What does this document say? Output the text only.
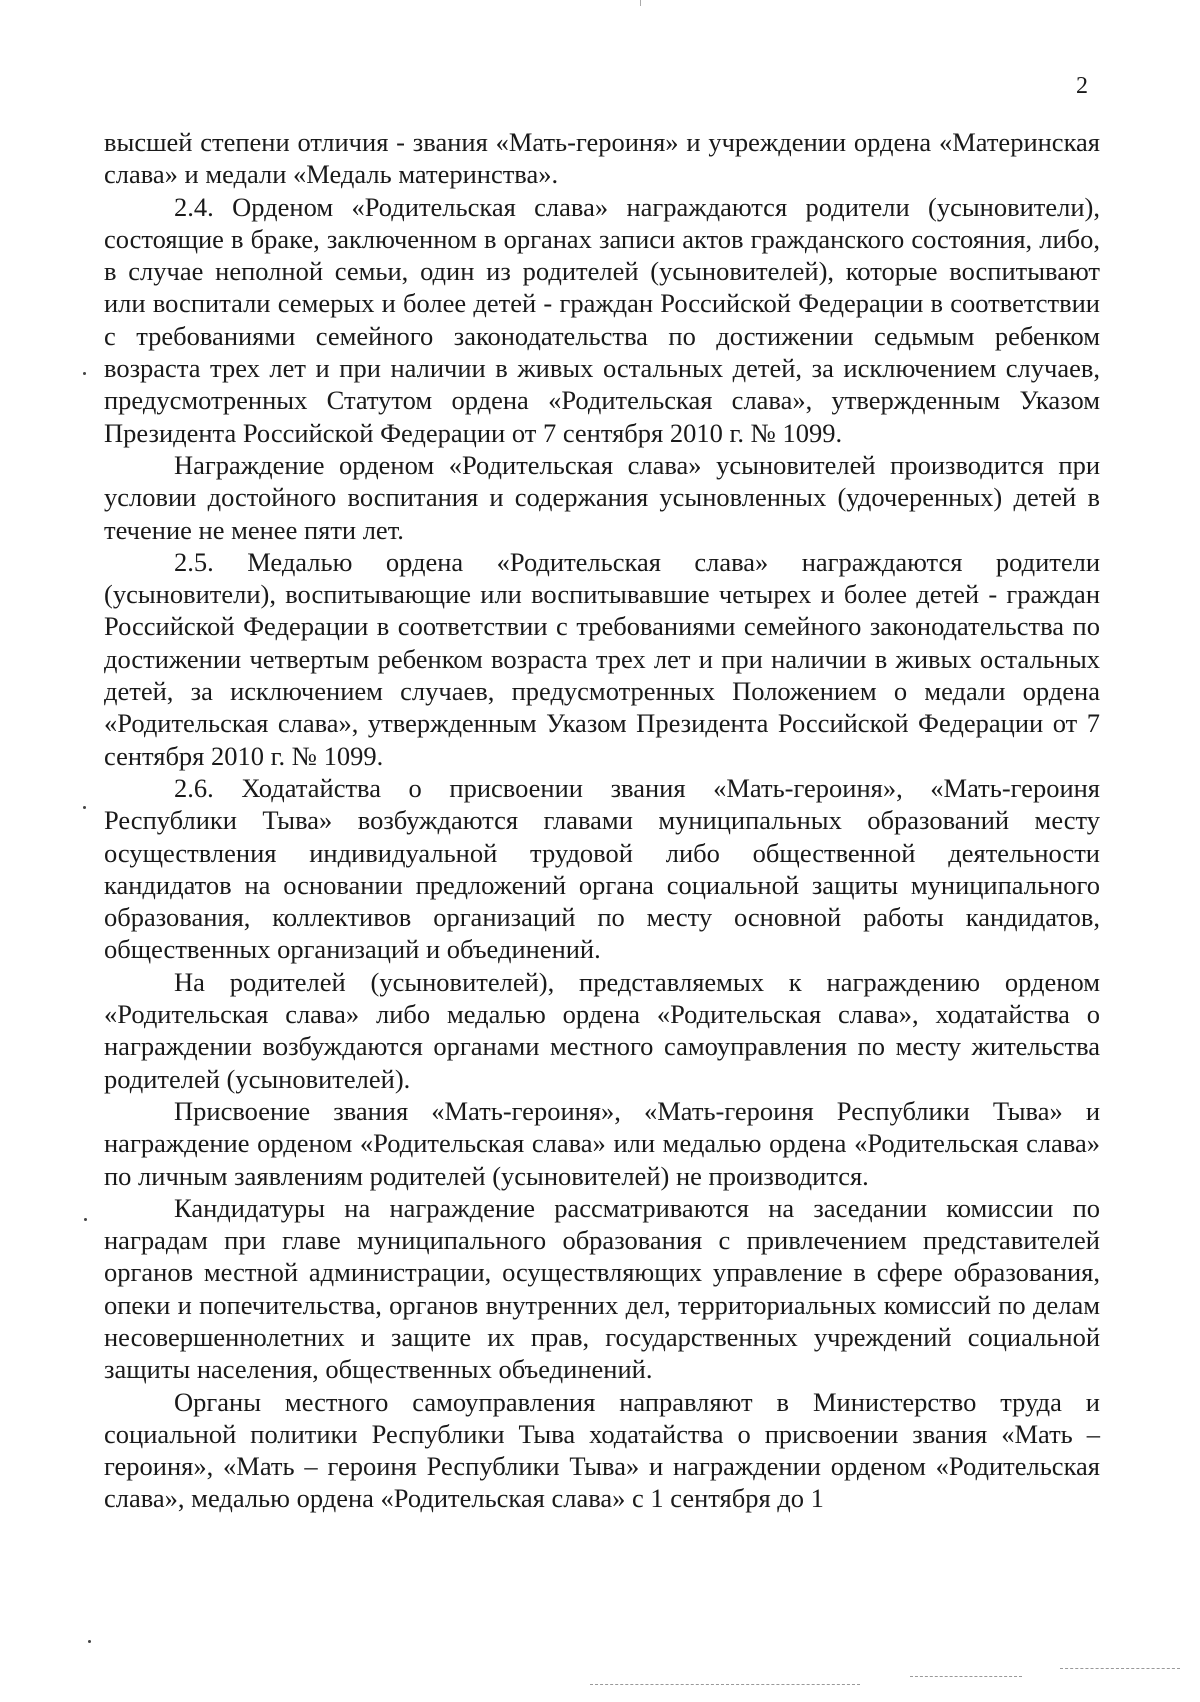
2

высшей степени отличия - звания «Мать-героиня» и учреждении ордена «Материнская слава» и медали «Медаль материнства».

2.4. Орденом «Родительская слава» награждаются родители (усыновители), состоящие в браке, заключенном в органах записи актов гражданского состояния, либо, в случае неполной семьи, один из родителей (усыновителей), которые воспитывают или воспитали семерых и более детей - граждан Российской Федерации в соответствии с требованиями семейного законодательства по достижении седьмым ребенком возраста трех лет и при наличии в живых остальных детей, за исключением случаев, предусмотренных Статутом ордена «Родительская слава», утвержденным Указом Президента Российской Федерации от 7 сентября 2010 г. № 1099.

Награждение орденом «Родительская слава» усыновителей производится при условии достойного воспитания и содержания усыновленных (удочеренных) детей в течение не менее пяти лет.

2.5. Медалью ордена «Родительская слава» награждаются родители (усыновители), воспитывающие или воспитывавшие четырех и более детей - граждан Российской Федерации в соответствии с требованиями семейного законодательства по достижении четвертым ребенком возраста трех лет и при наличии в живых остальных детей, за исключением случаев, предусмотренных Положением о медали ордена «Родительская слава», утвержденным Указом Президента Российской Федерации от 7 сентября 2010 г. № 1099.

2.6. Ходатайства о присвоении звания «Мать-героиня», «Мать-героиня Республики Тыва» возбуждаются главами муниципальных образований месту осуществления индивидуальной трудовой либо общественной деятельности кандидатов на основании предложений органа социальной защиты муниципального образования, коллективов организаций по месту основной работы кандидатов, общественных организаций и объединений.

На родителей (усыновителей), представляемых к награждению орденом «Родительская слава» либо медалью ордена «Родительская слава», ходатайства о награждении возбуждаются органами местного самоуправления по месту жительства родителей (усыновителей).

Присвоение звания «Мать-героиня», «Мать-героиня Республики Тыва» и награждение орденом «Родительская слава» или медалью ордена «Родительская слава» по личным заявлениям родителей (усыновителей) не производится.

Кандидатуры на награждение рассматриваются на заседании комиссии по наградам при главе муниципального образования с привлечением представителей органов местной администрации, осуществляющих управление в сфере образования, опеки и попечительства, органов внутренних дел, территориальных комиссий по делам несовершеннолетних и защите их прав, государственных учреждений социальной защиты населения, общественных объединений.

Органы местного самоуправления направляют в Министерство труда и социальной политики Республики Тыва ходатайства о присвоении звания «Мать – героиня», «Мать – героиня Республики Тыва» и награждении орденом «Родительская слава», медалью ордена «Родительская слава» с 1 сентября до 1
